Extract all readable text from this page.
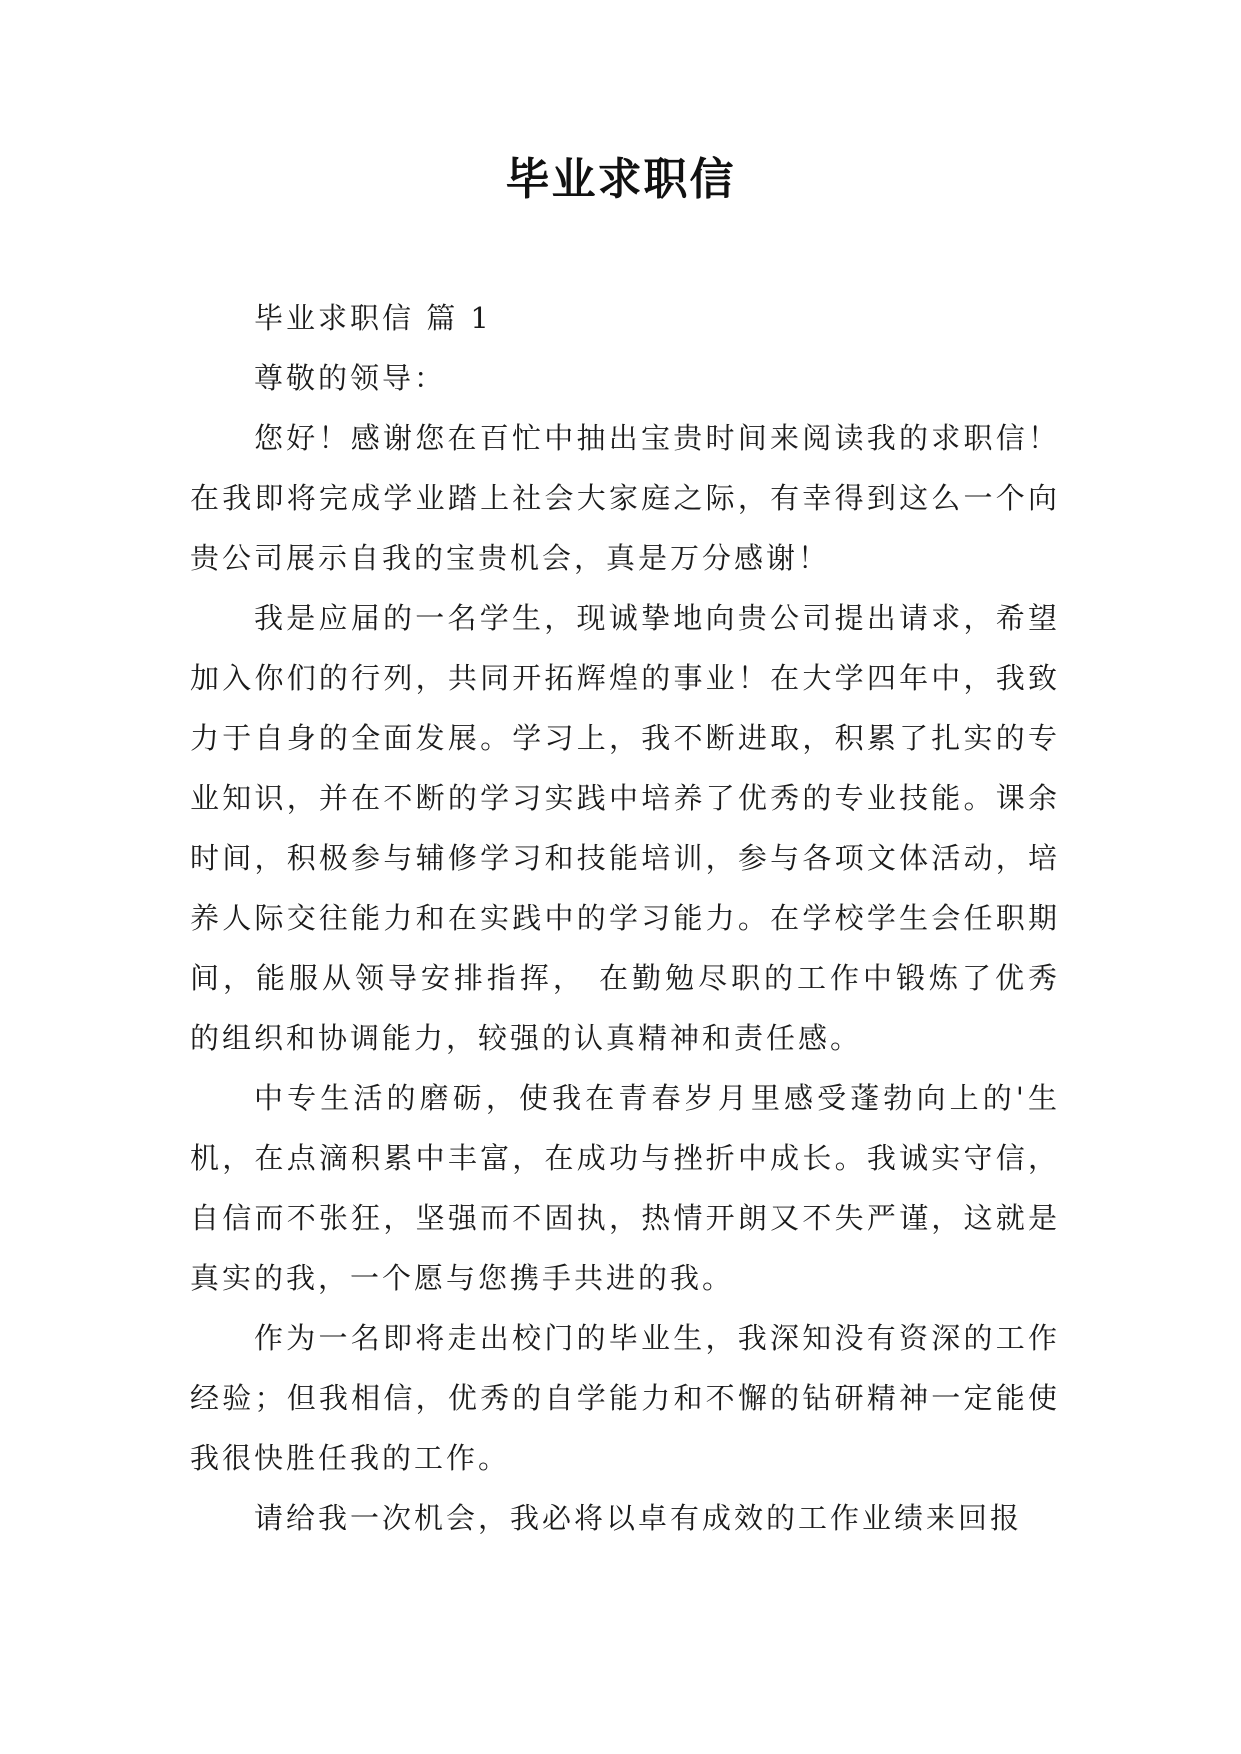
毕业求职信

毕业求职信 篇 1

尊敬的领导：

您好！感谢您在百忙中抽出宝贵时间来阅读我的求职信！在我即将完成学业踏上社会大家庭之际，有幸得到这么一个向贵公司展示自我的宝贵机会，真是万分感谢！

我是应届的一名学生，现诚挚地向贵公司提出请求，希望加入你们的行列，共同开拓辉煌的事业！在大学四年中，我致力于自身的全面发展。学习上，我不断进取，积累了扎实的专业知识，并在不断的学习实践中培养了优秀的专业技能。课余时间，积极参与辅修学习和技能培训，参与各项文体活动，培养人际交往能力和在实践中的学习能力。在学校学生会任职期间，能服从领导安排指挥， 在勤勉尽职的工作中锻炼了优秀的组织和协调能力，较强的认真精神和责任感。

中专生活的磨砺，使我在青春岁月里感受蓬勃向上的'生机，在点滴积累中丰富，在成功与挫折中成长。我诚实守信，自信而不张狂，坚强而不固执，热情开朗又不失严谨，这就是真实的我，一个愿与您携手共进的我。

作为一名即将走出校门的毕业生，我深知没有资深的工作经验；但我相信，优秀的自学能力和不懈的钻研精神一定能使我很快胜任我的工作。

请给我一次机会，我必将以卓有成效的工作业绩来回报
